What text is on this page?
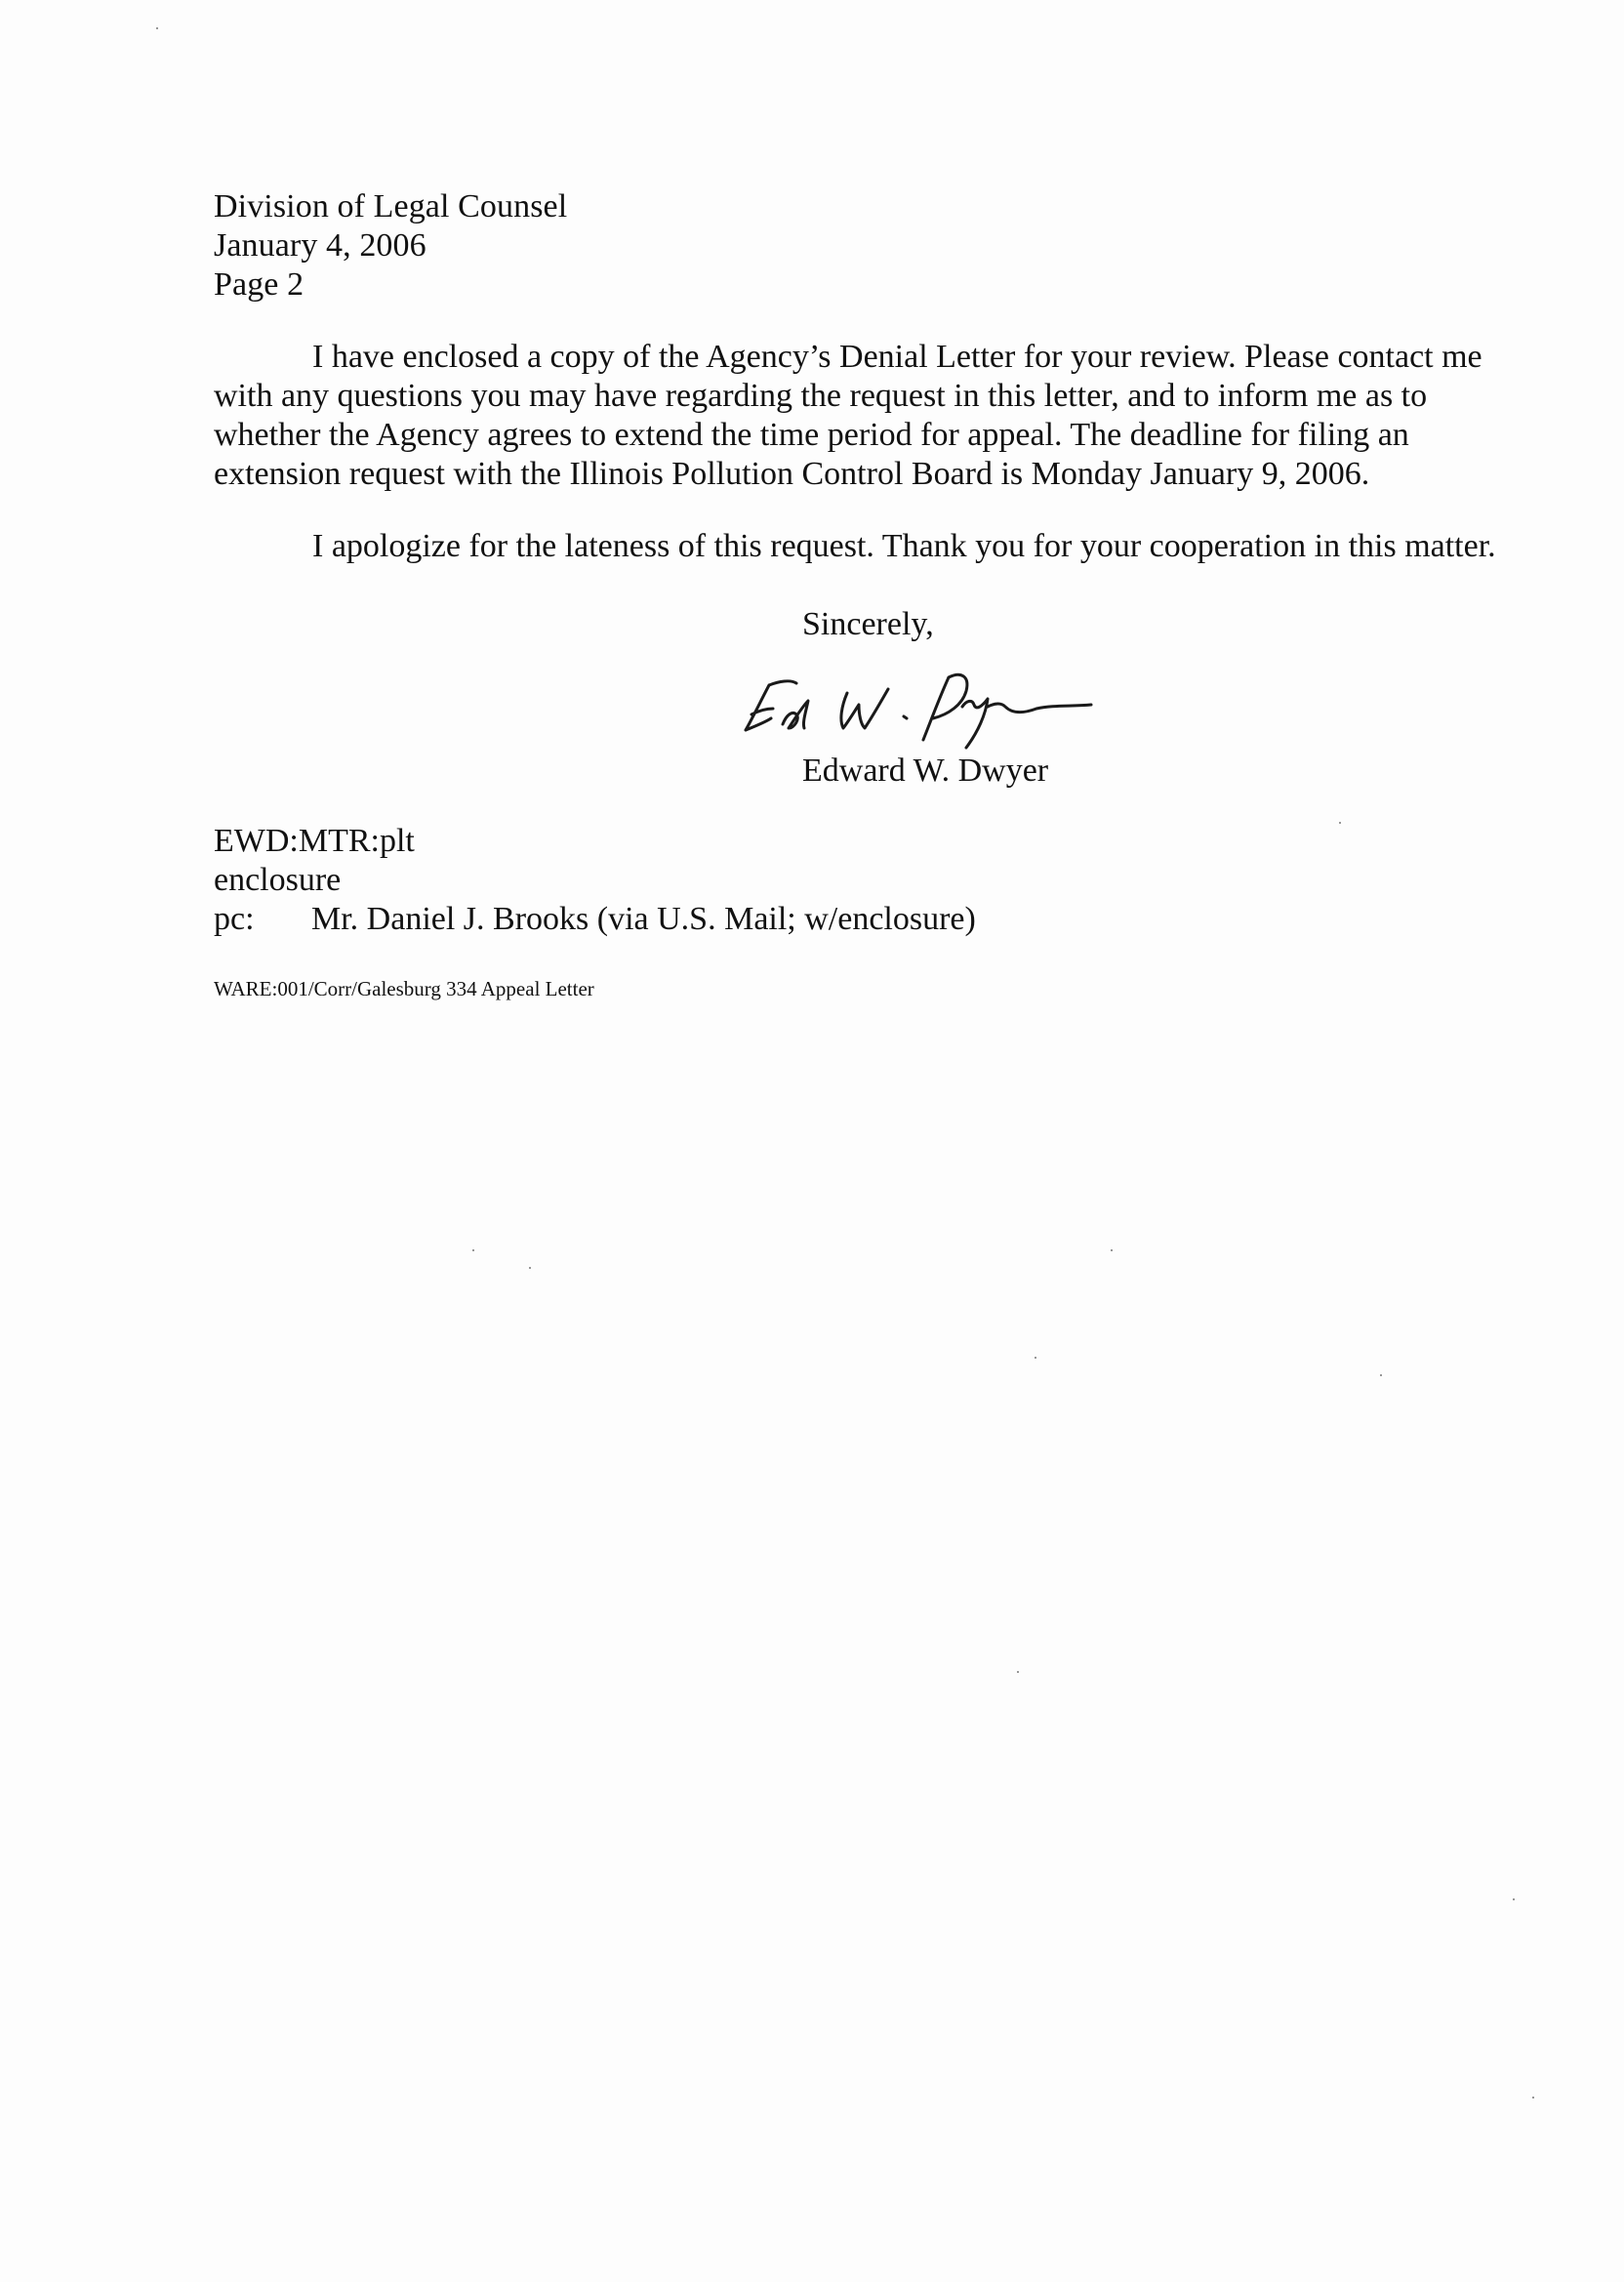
Division of Legal Counsel
January 4, 2006
Page 2
I have enclosed a copy of the Agency’s Denial Letter for your review. Please contact me
with any questions you may have regarding the request in this letter, and to inform me as to
whether the Agency agrees to extend the time period for appeal. The deadline for filing an
extension request with the Illinois Pollution Control Board is Monday January 9, 2006.
I apologize for the lateness of this request. Thank you for your cooperation in this matter.
Sincerely,
Edward W. Dwyer
EWD:MTR:plt
enclosure
pc: Mr. Daniel J. Brooks (via U.S. Mail; w/enclosure)
WARE:001/Corr/Galesburg 334 Appeal Letter
